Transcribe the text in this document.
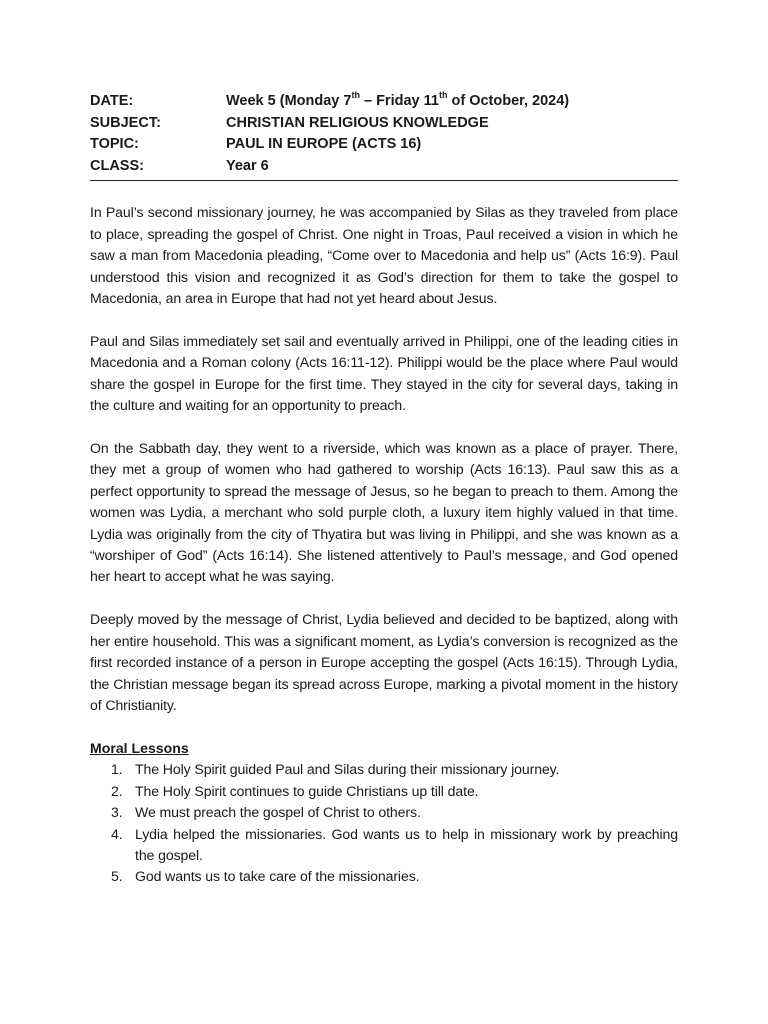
DATE:	Week 5 (Monday 7th – Friday 11th of October, 2024)
SUBJECT:	CHRISTIAN RELIGIOUS KNOWLEDGE
TOPIC:	PAUL IN EUROPE (ACTS 16)
CLASS:	Year 6

In Paul’s second missionary journey, he was accompanied by Silas as they traveled from place to place, spreading the gospel of Christ. One night in Troas, Paul received a vision in which he saw a man from Macedonia pleading, “Come over to Macedonia and help us” (Acts 16:9). Paul understood this vision and recognized it as God’s direction for them to take the gospel to Macedonia, an area in Europe that had not yet heard about Jesus.

Paul and Silas immediately set sail and eventually arrived in Philippi, one of the leading cities in Macedonia and a Roman colony (Acts 16:11-12). Philippi would be the place where Paul would share the gospel in Europe for the first time. They stayed in the city for several days, taking in the culture and waiting for an opportunity to preach.

On the Sabbath day, they went to a riverside, which was known as a place of prayer. There, they met a group of women who had gathered to worship (Acts 16:13). Paul saw this as a perfect opportunity to spread the message of Jesus, so he began to preach to them. Among the women was Lydia, a merchant who sold purple cloth, a luxury item highly valued in that time. Lydia was originally from the city of Thyatira but was living in Philippi, and she was known as a “worshiper of God” (Acts 16:14). She listened attentively to Paul’s message, and God opened her heart to accept what he was saying.

Deeply moved by the message of Christ, Lydia believed and decided to be baptized, along with her entire household. This was a significant moment, as Lydia’s conversion is recognized as the first recorded instance of a person in Europe accepting the gospel (Acts 16:15). Through Lydia, the Christian message began its spread across Europe, marking a pivotal moment in the history of Christianity.

Moral Lessons
1. The Holy Spirit guided Paul and Silas during their missionary journey.
2. The Holy Spirit continues to guide Christians up till date.
3. We must preach the gospel of Christ to others.
4. Lydia helped the missionaries. God wants us to help in missionary work by preaching the gospel.
5. God wants us to take care of the missionaries.
